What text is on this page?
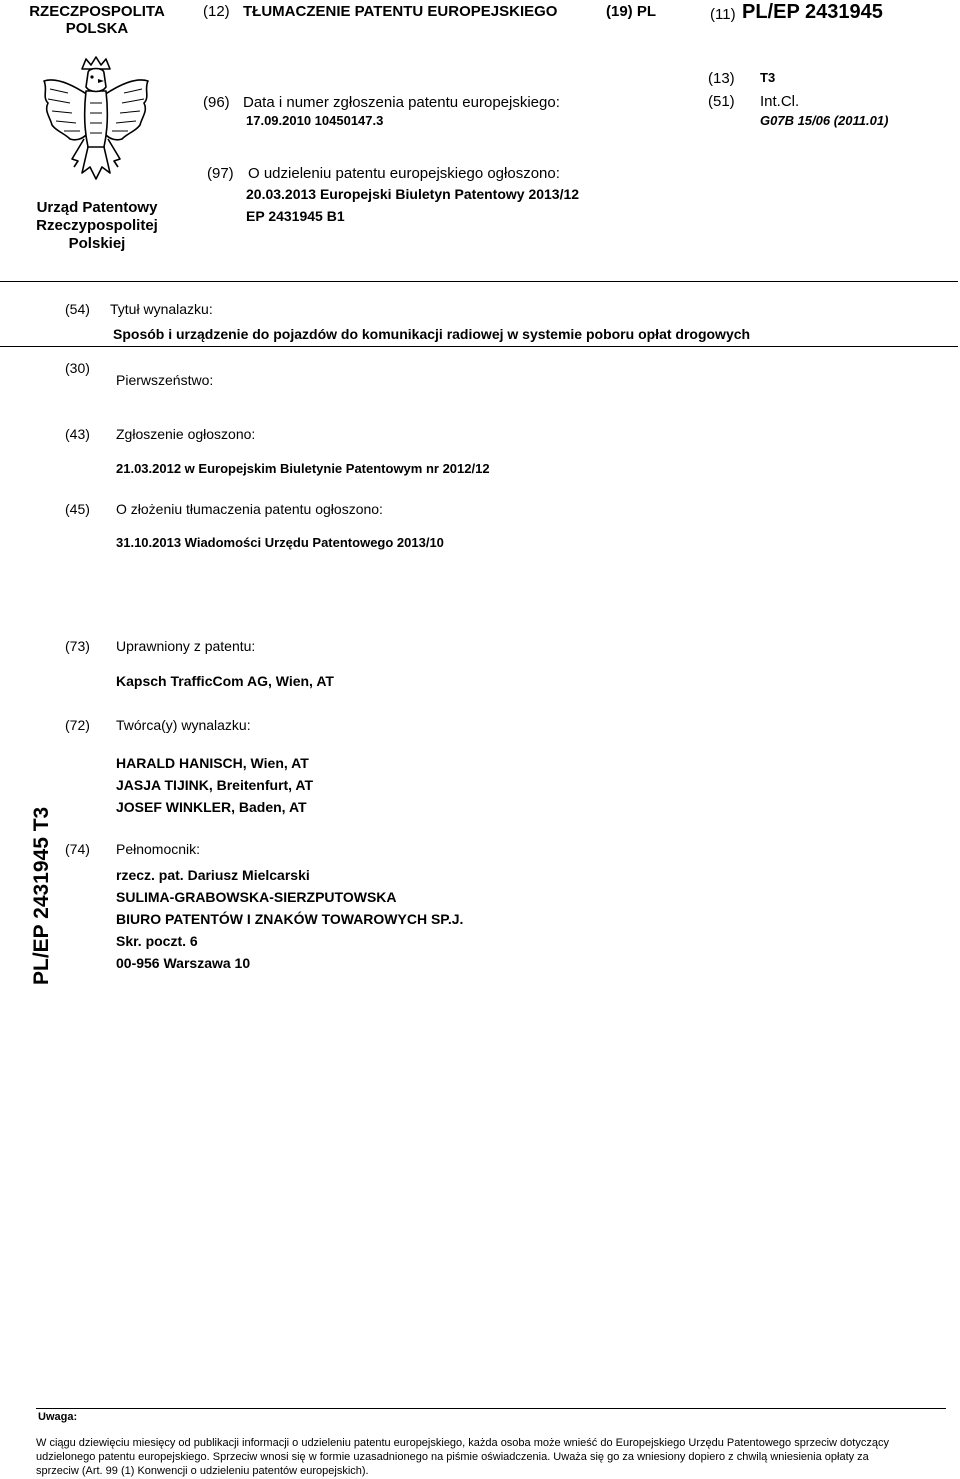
RZECZPOSPOLITA
POLSKA
(12) TŁUMACZENIE PATENTU EUROPEJSKIEGO	(19) PL	(11) PL/EP 2431945
Urząd Patentowy
Rzeczypospolitej
Polskiej
(96) Data i numer zgłoszenia patentu europejskiego:
17.09.2010 10450147.3
(13) T3
(51) Int.Cl.
G07B 15/06 (2011.01)
(97) O udzieleniu patentu europejskiego ogłoszono:
20.03.2013 Europejski Biuletyn Patentowy 2013/12
EP 2431945 B1
(54) Tytuł wynalazku:
Sposób i urządzenie do pojazdów do komunikacji radiowej w systemie poboru opłat drogowych
(30)
Pierwszeństwo:
(43) Zgłoszenie ogłoszono:
21.03.2012 w Europejskim Biuletynie Patentowym nr 2012/12
(45) O złożeniu tłumaczenia patentu ogłoszono:
31.10.2013 Wiadomości Urzędu Patentowego 2013/10
(73) Uprawniony z patentu:
Kapsch TrafficCom AG, Wien, AT
(72) Twórca(y) wynalazku:
HARALD HANISCH, Wien, AT
JASJA TIJINK, Breitenfurt, AT
JOSEF WINKLER, Baden, AT
(74) Pełnomocnik:
rzecz. pat. Dariusz Mielcarski
SULIMA-GRABOWSKA-SIERZPUTOWSKA
BIURO PATENTÓW I ZNAKÓW TOWAROWYCH SP.J.
Skr. poczt. 6
00-956 Warszawa 10
PL/EP 2431945 T3
Uwaga:
W ciągu dziewięciu miesięcy od publikacji informacji o udzieleniu patentu europejskiego, każda osoba może wnieść do Europejskiego Urzędu Patentowego sprzeciw dotyczący
udzielonego patentu europejskiego. Sprzeciw wnosi się w formie uzasadnionego na piśmie oświadczenia. Uważa się go za wniesiony dopiero z chwilą wniesienia opłaty za
sprzeciw (Art. 99 (1) Konwencji o udzieleniu patentów europejskich).
